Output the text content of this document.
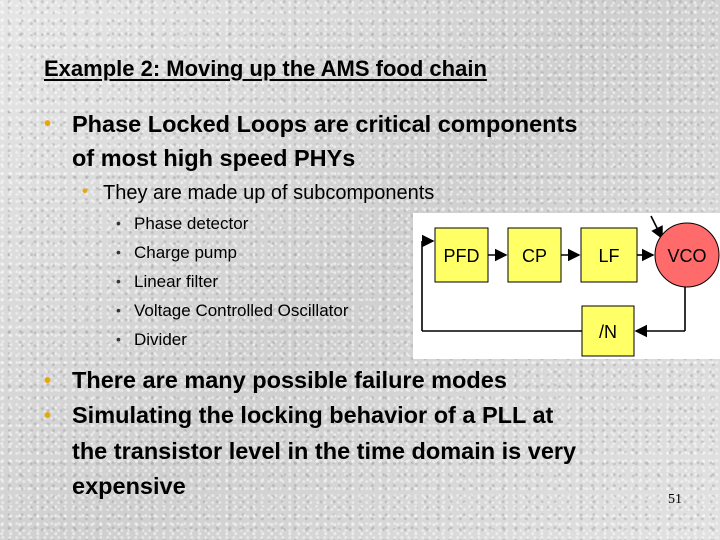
Example 2: Moving up the AMS food chain
• Phase Locked Loops are critical components
of most high speed PHYs
• They are made up of subcomponents
• Phase detector
• Charge pump
• Linear filter
• Voltage Controlled Oscillator
• Divider
PFD CP	LF	VCO
/N
• There are many possible failure modes
• Simulating the locking behavior of a PLL at
the transistor level in the time domain is very
expensive
51
